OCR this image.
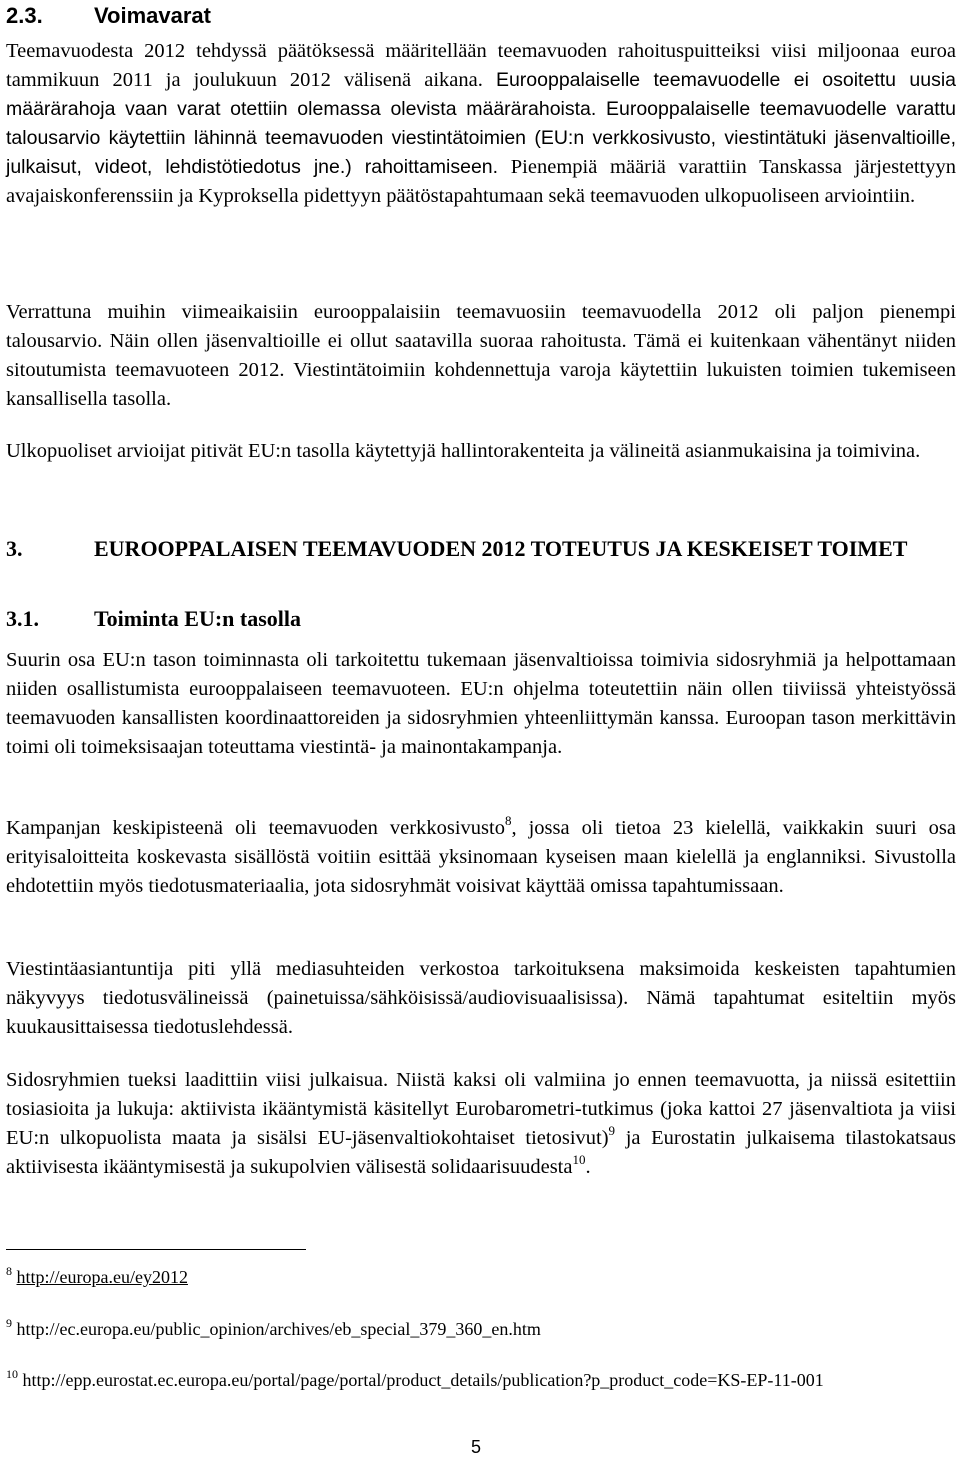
2.3. Voimavarat
Teemavuodesta 2012 tehdyssä päätöksessä määritellään teemavuoden rahoituspuitteiksi viisi miljoonaa euroa tammikuun 2011 ja joulukuun 2012 välisenä aikana. Eurooppalaiselle teemavuodelle ei osoitettu uusia määrärahoja vaan varat otettiin olemassa olevista määrärahoista. Eurooppalaiselle teemavuodelle varattu talousarvio käytettiin lähinnä teemavuoden viestintätoimien (EU:n verkkosivusto, viestintätuki jäsenvaltioille, julkaisut, videot, lehdistötiedotus jne.) rahoittamiseen. Pienempiä määriä varattiin Tanskassa järjestettyyn avajaiskonferenssiin ja Kyproksella pidettyyn päätöstapahtumaan sekä teemavuoden ulkopuoliseen arviointiin.
Verrattuna muihin viimeaikaisiin eurooppalaisiin teemavuosiin teemavuodella 2012 oli paljon pienempi talousarvio. Näin ollen jäsenvaltioille ei ollut saatavilla suoraa rahoitusta. Tämä ei kuitenkaan vähentänyt niiden sitoutumista teemavuoteen 2012. Viestintätoimiin kohdennettuja varoja käytettiin lukuisten toimien tukemiseen kansallisella tasolla.
Ulkopuoliset arvioijat pitivät EU:n tasolla käytettyjä hallintorakenteita ja välineitä asianmukaisina ja toimivina.
3.	EUROOPPALAISEN TEEMAVUODEN 2012 TOTEUTUS JA KESKEISET TOIMET
3.1.	Toiminta EU:n tasolla
Suurin osa EU:n tason toiminnasta oli tarkoitettu tukemaan jäsenvaltioissa toimivia sidosryhmiä ja helpottamaan niiden osallistumista eurooppalaiseen teemavuoteen. EU:n ohjelma toteutettiin näin ollen tiiviissä yhteistyössä teemavuoden kansallisten koordinaattoreiden ja sidosryhmien yhteenliittymän kanssa. Euroopan tason merkittävin toimi oli toimeksisaajan toteuttama viestintä- ja mainontakampanja.
Kampanjan keskipisteenä oli teemavuoden verkkosivusto$^8$, jossa oli tietoa 23 kielellä, vaikkakin suuri osa erityisaloitteita koskevasta sisällöstä voitiin esittää yksinomaan kyseisen maan kielellä ja englanniksi. Sivustolla ehdotettiin myös tiedotusmateriaalia, jota sidosryhmät voisivat käyttää omissa tapahtumissaan.
Viestintäasiantuntija piti yllä mediasuhteiden verkostoa tarkoituksena maksimoida keskeisten tapahtumien näkyvyys tiedotusvälineissä (painetuissa/sähköisissä/audiovisuaalisissa). Nämä tapahtumat esiteltiin myös kuukausittaisessa tiedotuslehdessä.
Sidosryhmien tueksi laadittiin viisi julkaisua. Niistä kaksi oli valmiina jo ennen teemavuotta, ja niissä esitettiin tosiasioita ja lukuja: aktiivista ikääntymistä käsitellyt Eurobarometri-tutkimus (joka kattoi 27 jäsenvaltiota ja viisi EU:n ulkopuolista maata ja sisälsi EU-jäsenvaltiokohtaiset tietosivut)$^9$ ja Eurostatin julkaisema tilastokatsaus aktiivisesta ikääntymisestä ja sukupolvien välisestä solidaarisuudesta$^{10}$.
$^8$ http://europa.eu/ey2012
$^9$ http://ec.europa.eu/public_opinion/archives/eb_special_379_360_en.htm
$^{10}$ http://epp.eurostat.ec.europa.eu/portal/page/portal/product_details/publication?p_product_code=KS-EP-11-001
5
